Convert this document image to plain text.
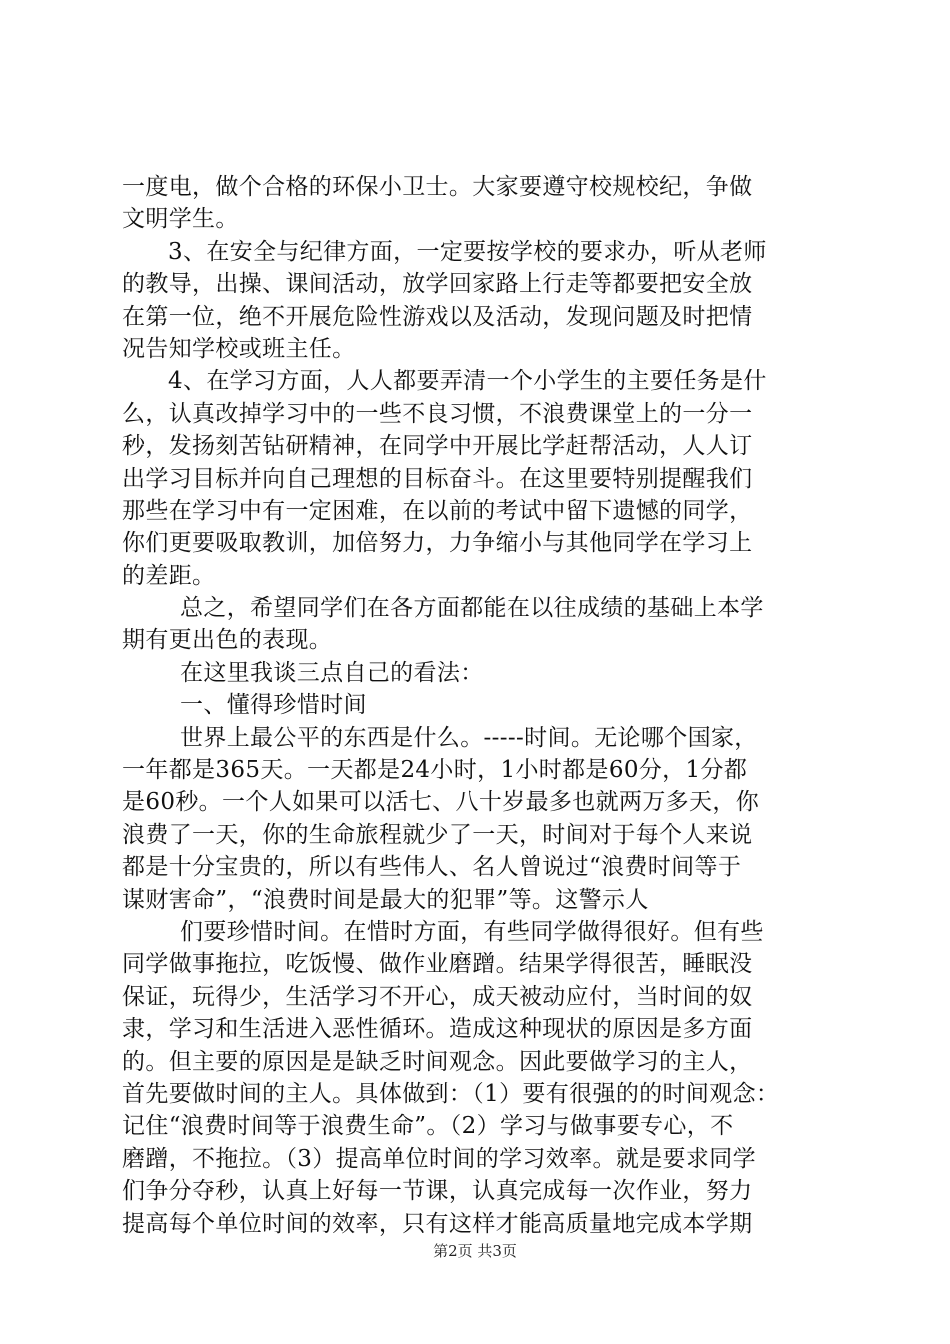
一度电，做个合格的环保小卫士。大家要遵守校规校纪，争做
文明学生。
3、在安全与纪律方面，一定要按学校的要求办，听从老师
的教导，出操、课间活动，放学回家路上行走等都要把安全放
在第一位，绝不开展危险性游戏以及活动，发现问题及时把情
况告知学校或班主任。
4、在学习方面，人人都要弄清一个小学生的主要任务是什
么，认真改掉学习中的一些不良习惯，不浪费课堂上的一分一
秒，发扬刻苦钻研精神，在同学中开展比学赶帮活动，人人订
出学习目标并向自己理想的目标奋斗。在这里要特别提醒我们
那些在学习中有一定困难，在以前的考试中留下遗憾的同学，
你们更要吸取教训，加倍努力，力争缩小与其他同学在学习上
的差距。
总之，希望同学们在各方面都能在以往成绩的基础上本学
期有更出色的表现。
在这里我谈三点自己的看法：
一、懂得珍惜时间
世界上最公平的东西是什么。-----时间。无论哪个国家，
一年都是365天。一天都是24小时，1小时都是60分，1分都
是60秒。一个人如果可以活七、八十岁最多也就两万多天，你
浪费了一天，你的生命旅程就少了一天，时间对于每个人来说
都是十分宝贵的，所以有些伟人、名人曾说过“浪费时间等于
谋财害命”，“浪费时间是最大的犯罪”等。这警示人
们要珍惜时间。在惜时方面，有些同学做得很好。但有些
同学做事拖拉，吃饭慢、做作业磨蹭。结果学得很苦，睡眠没
保证，玩得少，生活学习不开心，成天被动应付，当时间的奴
隶，学习和生活进入恶性循环。造成这种现状的原因是多方面
的。但主要的原因是是缺乏时间观念。因此要做学习的主人，
首先要做时间的主人。具体做到：（1）要有很强的的时间观念：
记住“浪费时间等于浪费生命”。（2）学习与做事要专心，不
磨蹭，不拖拉。（3）提高单位时间的学习效率。就是要求同学
们争分夺秒，认真上好每一节课，认真完成每一次作业，努力
提高每个单位时间的效率，只有这样才能高质量地完成本学期
第2页 共3页
